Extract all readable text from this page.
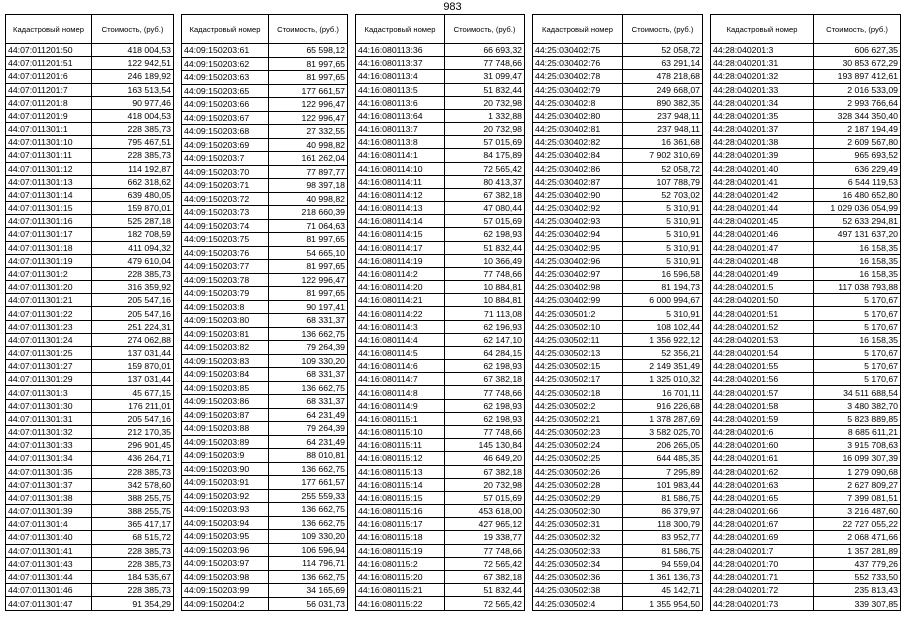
983
Кадастровый номер	Стоимость, (руб.)
44:07:011201:50	418 004,53
44:07:011201:51	122 942,51
44:07:011201:6	246 189,92
44:07:011201:7	163 513,54
44:07:011201:8	90 977,46
44:07:011201:9	418 004,53
44:07:011301:1	228 385,73
44:07:011301:10	795 467,51
44:07:011301:11	228 385,73
44:07:011301:12	114 192,87
44:07:011301:13	662 318,62
44:07:011301:14	639 480,05
44:07:011301:15	159 870,01
44:07:011301:16	525 287,18
44:07:011301:17	182 708,59
44:07:011301:18	411 094,32
44:07:011301:19	479 610,04
44:07:011301:2	228 385,73
44:07:011301:20	316 359,92
44:07:011301:21	205 547,16
44:07:011301:22	205 547,16
44:07:011301:23	251 224,31
44:07:011301:24	274 062,88
44:07:011301:25	137 031,44
44:07:011301:27	159 870,01
44:07:011301:29	137 031,44
44:07:011301:3	45 677,15
44:07:011301:30	176 211,01
44:07:011301:31	205 547,16
44:07:011301:32	212 170,35
44:07:011301:33	296 901,45
44:07:011301:34	436 264,71
44:07:011301:35	228 385,73
44:07:011301:37	342 578,60
44:07:011301:38	388 255,75
44:07:011301:39	388 255,75
44:07:011301:4	365 417,17
44:07:011301:40	68 515,72
44:07:011301:41	228 385,73
44:07:011301:43	228 385,73
44:07:011301:44	184 535,67
44:07:011301:46	228 385,73
44:07:011301:47	91 354,29
Кадастровый номер	Стоимость, (руб.)
44:09:150203:61	65 598,12
44:09:150203:62	81 997,65
44:09:150203:63	81 997,65
44:09:150203:65	177 661,57
44:09:150203:66	122 996,47
44:09:150203:67	122 996,47
44:09:150203:68	27 332,55
44:09:150203:69	40 998,82
44:09:150203:7	161 262,04
44:09:150203:70	77 897,77
44:09:150203:71	98 397,18
44:09:150203:72	40 998,82
44:09:150203:73	218 660,39
44:09:150203:74	71 064,63
44:09:150203:75	81 997,65
44:09:150203:76	54 665,10
44:09:150203:77	81 997,65
44:09:150203:78	122 996,47
44:09:150203:79	81 997,65
44:09:150203:8	90 197,41
44:09:150203:80	68 331,37
44:09:150203:81	136 662,75
44:09:150203:82	79 264,39
44:09:150203:83	109 330,20
44:09:150203:84	68 331,37
44:09:150203:85	136 662,75
44:09:150203:86	68 331,37
44:09:150203:87	64 231,49
44:09:150203:88	79 264,39
44:09:150203:89	64 231,49
44:09:150203:9	88 010,81
44:09:150203:90	136 662,75
44:09:150203:91	177 661,57
44:09:150203:92	255 559,33
44:09:150203:93	136 662,75
44:09:150203:94	136 662,75
44:09:150203:95	109 330,20
44:09:150203:96	106 596,94
44:09:150203:97	114 796,71
44:09:150203:98	136 662,75
44:09:150203:99	34 165,69
44:09:150204:2	56 031,73
Кадастровый номер	Стоимость, (руб.)
44:16:080113:36	66 693,32
44:16:080113:37	77 748,66
44:16:080113:4	31 099,47
44:16:080113:5	51 832,44
44:16:080113:6	20 732,98
44:16:080113:64	1 332,88
44:16:080113:7	20 732,98
44:16:080113:8	57 015,69
44:16:080114:1	84 175,89
44:16:080114:10	72 565,42
44:16:080114:11	80 413,37
44:16:080114:12	67 382,18
44:16:080114:13	47 080,44
44:16:080114:14	57 015,69
44:16:080114:15	62 198,93
44:16:080114:17	51 832,44
44:16:080114:19	10 366,49
44:16:080114:2	77 748,66
44:16:080114:20	10 884,81
44:16:080114:21	10 884,81
44:16:080114:22	71 113,08
44:16:080114:3	62 196,93
44:16:080114:4	62 147,10
44:16:080114:5	64 284,15
44:16:080114:6	62 198,93
44:16:080114:7	67 382,18
44:16:080114:8	77 748,66
44:16:080114:9	62 198,93
44:16:080115:1	62 198,93
44:16:080115:10	77 748,66
44:16:080115:11	145 130,84
44:16:080115:12	46 649,20
44:16:080115:13	67 382,18
44:16:080115:14	20 732,98
44:16:080115:15	57 015,69
44:16:080115:16	453 618,00
44:16:080115:17	427 965,12
44:16:080115:18	19 338,77
44:16:080115:19	77 748,66
44:16:080115:2	72 565,42
44:16:080115:20	67 382,18
44:16:080115:21	51 832,44
44:16:080115:22	72 565,42
Кадастровый номер	Стоимость, (руб.)
44:25:030402:75	52 058,72
44:25:030402:76	63 291,14
44:25:030402:78	478 218,68
44:25:030402:79	249 668,07
44:25:030402:8	890 382,35
44:25:030402:80	237 948,11
44:25:030402:81	237 948,11
44:25:030402:82	16 361,68
44:25:030402:84	7 902 310,69
44:25:030402:86	52 058,72
44:25:030402:87	107 788,79
44:25:030402:90	52 703,02
44:25:030402:92	5 310,91
44:25:030402:93	5 310,91
44:25:030402:94	5 310,91
44:25:030402:95	5 310,91
44:25:030402:96	5 310,91
44:25:030402:97	16 596,58
44:25:030402:98	81 194,73
44:25:030402:99	6 000 994,67
44:25:030501:2	5 310,91
44:25:030502:10	108 102,44
44:25:030502:11	1 356 922,12
44:25:030502:13	52 356,21
44:25:030502:15	2 149 351,49
44:25:030502:17	1 325 010,32
44:25:030502:18	16 701,11
44:25:030502:2	916 226,68
44:25:030502:21	1 378 287,69
44:25:030502:23	3 582 025,70
44:25:030502:24	206 265,05
44:25:030502:25	644 485,35
44:25:030502:26	7 295,89
44:25:030502:28	101 983,44
44:25:030502:29	81 586,75
44:25:030502:30	86 379,97
44:25:030502:31	118 300,79
44:25:030502:32	83 952,77
44:25:030502:33	81 586,75
44:25:030502:34	94 559,04
44:25:030502:36	1 361 136,73
44:25:030502:38	45 142,71
44:25:030502:4	1 355 954,50
Кадастровый номер	Стоимость, (руб.)
44:28:040201:3	606 627,35
44:28:040201:31	30 853 672,29
44:28:040201:32	193 897 412,61
44:28:040201:33	2 016 533,09
44:28:040201:34	2 993 766,64
44:28:040201:35	328 344 350,40
44:28:040201:37	2 187 194,49
44:28:040201:38	2 609 567,80
44:28:040201:39	965 693,52
44:28:040201:40	636 229,49
44:28:040201:41	6 544 119,53
44:28:040201:42	16 480 652,80
44:28:040201:44	1 029 036 054,99
44:28:040201:45	52 633 294,81
44:28:040201:46	497 131 637,20
44:28:040201:47	16 158,35
44:28:040201:48	16 158,35
44:28:040201:49	16 158,35
44:28:040201:5	117 038 793,88
44:28:040201:50	5 170,67
44:28:040201:51	5 170,67
44:28:040201:52	5 170,67
44:28:040201:53	16 158,35
44:28:040201:54	5 170,67
44:28:040201:55	5 170,67
44:28:040201:56	5 170,67
44:28:040201:57	34 511 688,54
44:28:040201:58	3 480 382,70
44:28:040201:59	5 823 889,85
44:28:040201:6	8 685 611,21
44:28:040201:60	3 915 708,63
44:28:040201:61	16 099 307,39
44:28:040201:62	1 279 090,68
44:28:040201:63	2 627 809,27
44:28:040201:65	7 399 081,51
44:28:040201:66	3 216 487,60
44:28:040201:67	22 727 055,22
44:28:040201:69	2 068 471,66
44:28:040201:7	1 357 281,89
44:28:040201:70	437 779,26
44:28:040201:71	552 733,50
44:28:040201:72	235 813,43
44:28:040201:73	339 307,85
